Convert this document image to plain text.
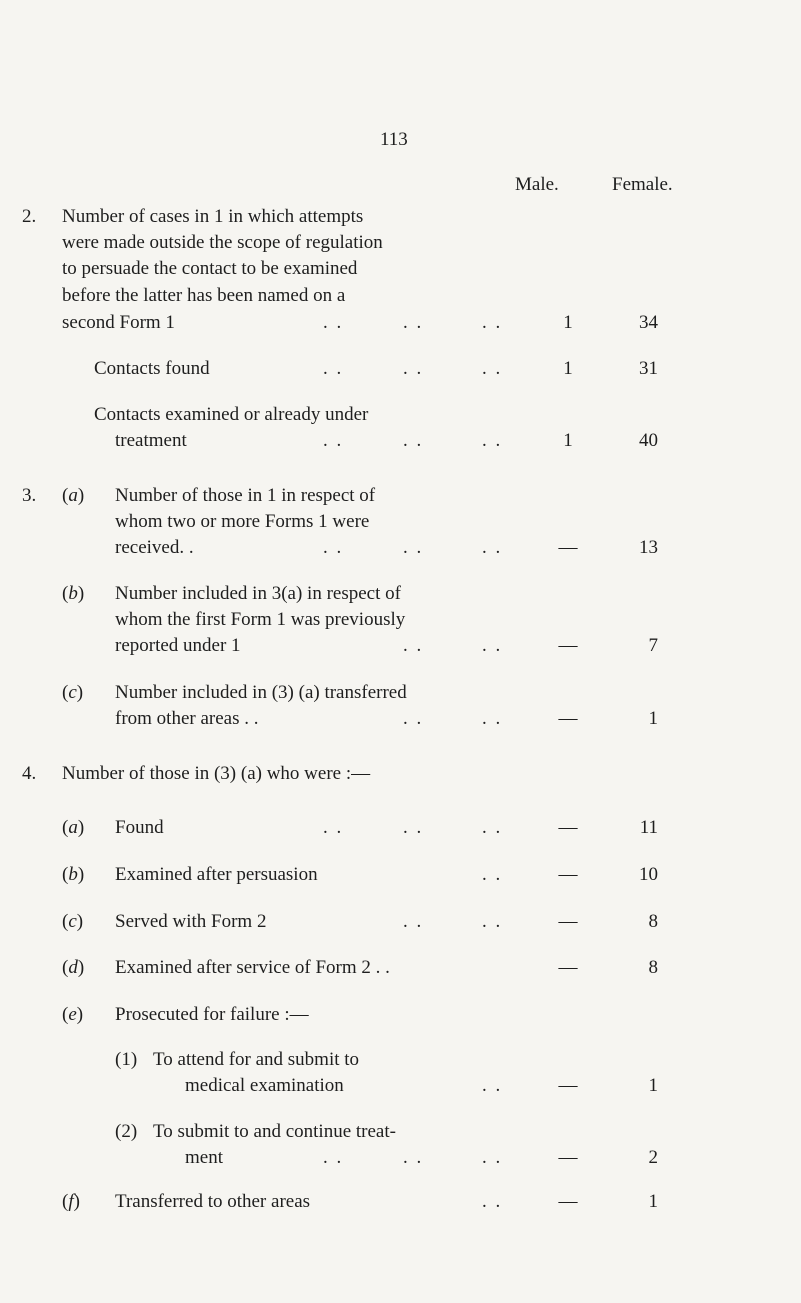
113
Male.	Female.
2. Number of cases in 1 in which attempts
were made outside the scope of regulation
to persuade the contact to be examined
before the latter has been named on a
second Form 1	. .	. .	. .	1	34
Contacts found	. .	. .	. .	1	31
Contacts examined or already under
treatment	. .	. .	. .	1	40
3. (a) Number of those in 1 in respect of
whom two or more Forms 1 were
received. .	. .	. .	. .	—	13
(b) Number included in 3(a) in respect of
whom the first Form 1 was previously
reported under 1	. .	. .	—	7
(c) Number included in (3) (a) transferred
from other areas . .	. .	. .	—	1
4. Number of those in (3) (a) who were :—
(a) Found	. .	. .	. .	—	11
(b) Examined after persuasion	. .	—	10
(c) Served with Form 2	. .	. .	—	8
(d) Examined after service of Form 2 . .	—	8
(e) Prosecuted for failure :—
(1) To attend for and submit to
medical examination	. .	—	1
(2) To submit to and continue treat-
ment	. .	. .	. .	—	2
(f) Transferred to other areas	. .	—	1
